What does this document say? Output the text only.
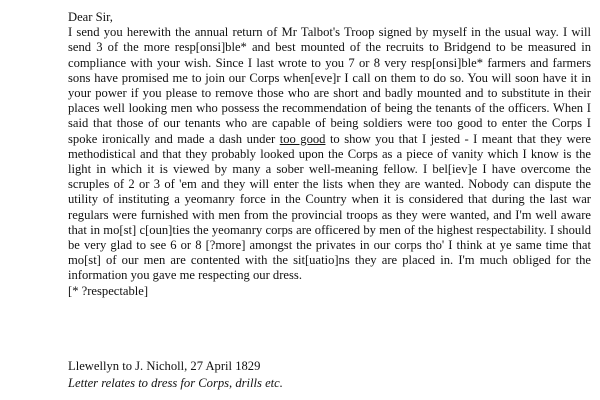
Dear Sir,

I send you herewith the annual return of Mr Talbot's Troop signed by myself in the usual way. I will send 3 of the more resp[onsi]ble* and best mounted of the recruits to Bridgend to be measured in compliance with your wish. Since I last wrote to you 7 or 8 very resp[onsi]ble* farmers and farmers sons have promised me to join our Corps when[eve]r I call on them to do so. You will soon have it in your power if you please to remove those who are short and badly mounted and to substitute in their places well looking men who possess the recommendation of being the tenants of the officers. When I said that those of our tenants who are capable of being soldiers were too good to enter the Corps I spoke ironically and made a dash under too good to show you that I jested - I meant that they were methodistical and that they probably looked upon the Corps as a piece of vanity which I know is the light in which it is viewed by many a sober well-meaning fellow. I bel[iev]e I have overcome the scruples of 2 or 3 of 'em and they will enter the lists when they are wanted. Nobody can dispute the utility of instituting a yeomanry force in the Country when it is considered that during the last war regulars were furnished with men from the provincial troops as they were wanted, and I'm well aware that in mo[st] c[oun]ties the yeomanry corps are officered by men of the highest respectability. I should be very glad to see 6 or 8 [?more] amongst the privates in our corps tho' I think at ye same time that mo[st] of our men are contented with the sit[uatio]ns they are placed in. I'm much obliged for the information you gave me respecting our dress.

[* ?respectable]

Llewellyn to J. Nicholl, 27 April 1829

Letter relates to dress for Corps, drills etc.
